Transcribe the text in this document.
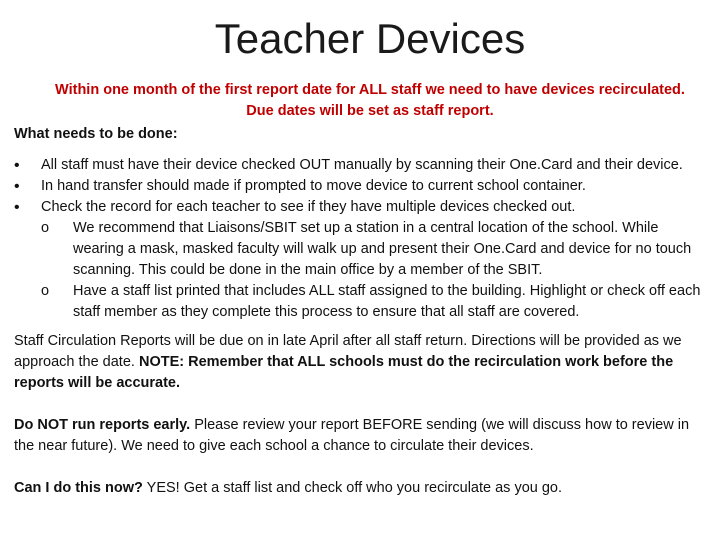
Teacher Devices
Within one month of the first report date for ALL staff we need to have devices recirculated.
Due dates will be set as staff report.

What needs to be done:

• All staff must have their device checked OUT manually by scanning their One.Card and their device.
• In hand transfer should made if prompted to move device to current school container.
• Check the record for each teacher to see if they have multiple devices checked out.
o We recommend that Liaisons/SBIT set up a station in a central location of the school. While wearing a mask, masked faculty will walk up and present their One.Card and device for no touch scanning. This could be done in the main office by a member of the SBIT.
o Have a staff list printed that includes ALL staff assigned to the building. Highlight or check off each staff member as they complete this process to ensure that all staff are covered.

Staff Circulation Reports will be due on in late April after all staff return. Directions will be provided as we approach the date. NOTE: Remember that ALL schools must do the recirculation work before the reports will be accurate.

Do NOT run reports early. Please review your report BEFORE sending (we will discuss how to review in the near future). We need to give each school a chance to circulate their devices.

Can I do this now? YES! Get a staff list and check off who you recirculate as you go.
